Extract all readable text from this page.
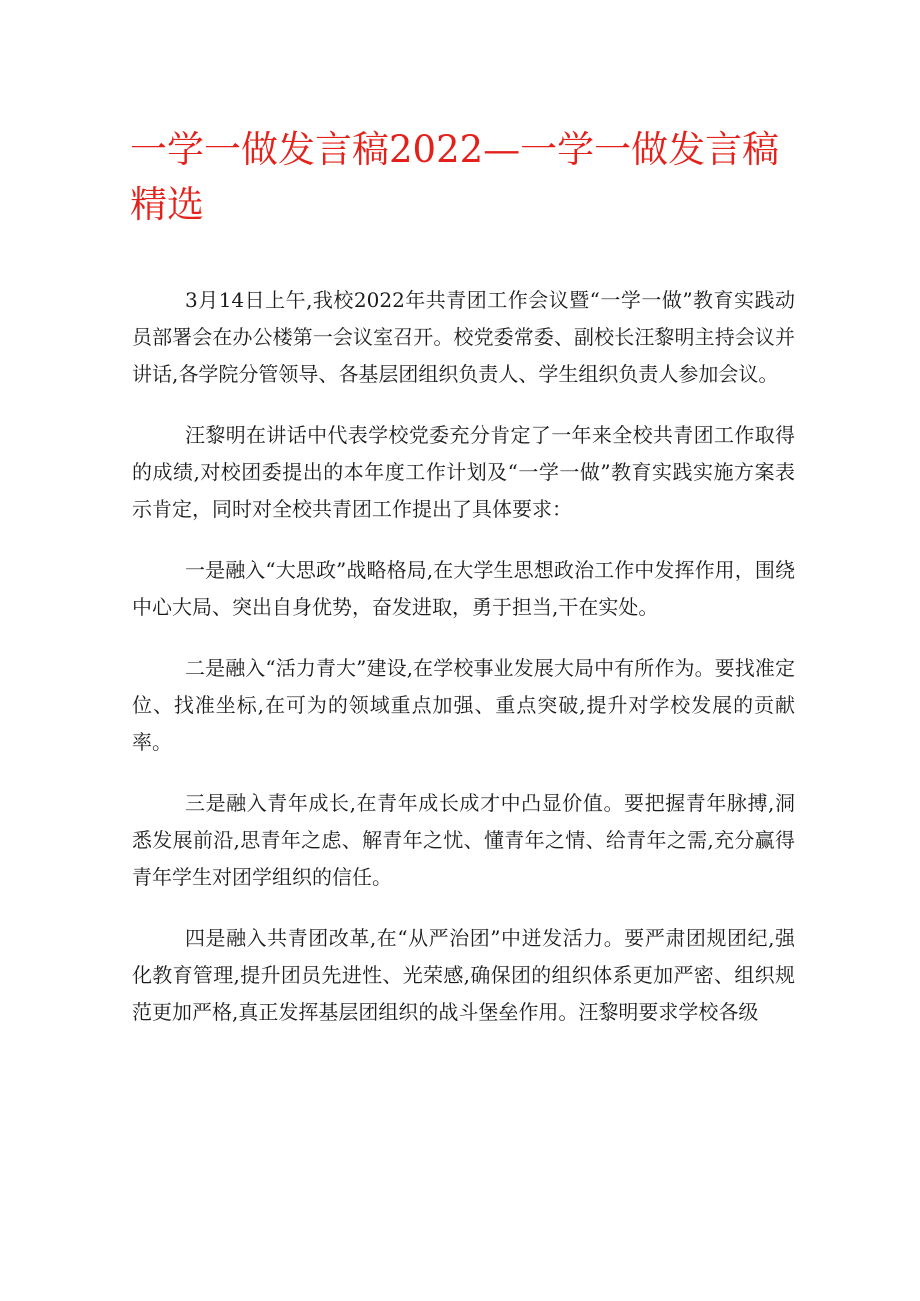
一学一做发言稿2022—一学一做发言稿精选

3月14日上午,我校2022年共青团工作会议暨“一学一做”教育实践动员部署会在办公楼第一会议室召开。校党委常委、副校长汪黎明主持会议并讲话,各学院分管领导、各基层团组织负责人、学生组织负责人参加会议。

汪黎明在讲话中代表学校党委充分肯定了一年来全校共青团工作取得的成绩,对校团委提出的本年度工作计划及“一学一做”教育实践实施方案表示肯定，同时对全校共青团工作提出了具体要求：

一是融入“大思政”战略格局,在大学生思想政治工作中发挥作用，围绕中心大局、突出自身优势，奋发进取，勇于担当,干在实处。

二是融入“活力青大”建设,在学校事业发展大局中有所作为。要找准定位、找准坐标,在可为的领域重点加强、重点突破,提升对学校发展的贡献率。

三是融入青年成长,在青年成长成才中凸显价值。要把握青年脉搏,洞悉发展前沿,思青年之虑、解青年之忧、懂青年之情、给青年之需,充分赢得青年学生对团学组织的信任。

四是融入共青团改革,在“从严治团”中迸发活力。要严肃团规团纪,强化教育管理,提升团员先进性、光荣感,确保团的组织体系更加严密、组织规范更加严格,真正发挥基层团组织的战斗堡垒作用。汪黎明要求学校各级
